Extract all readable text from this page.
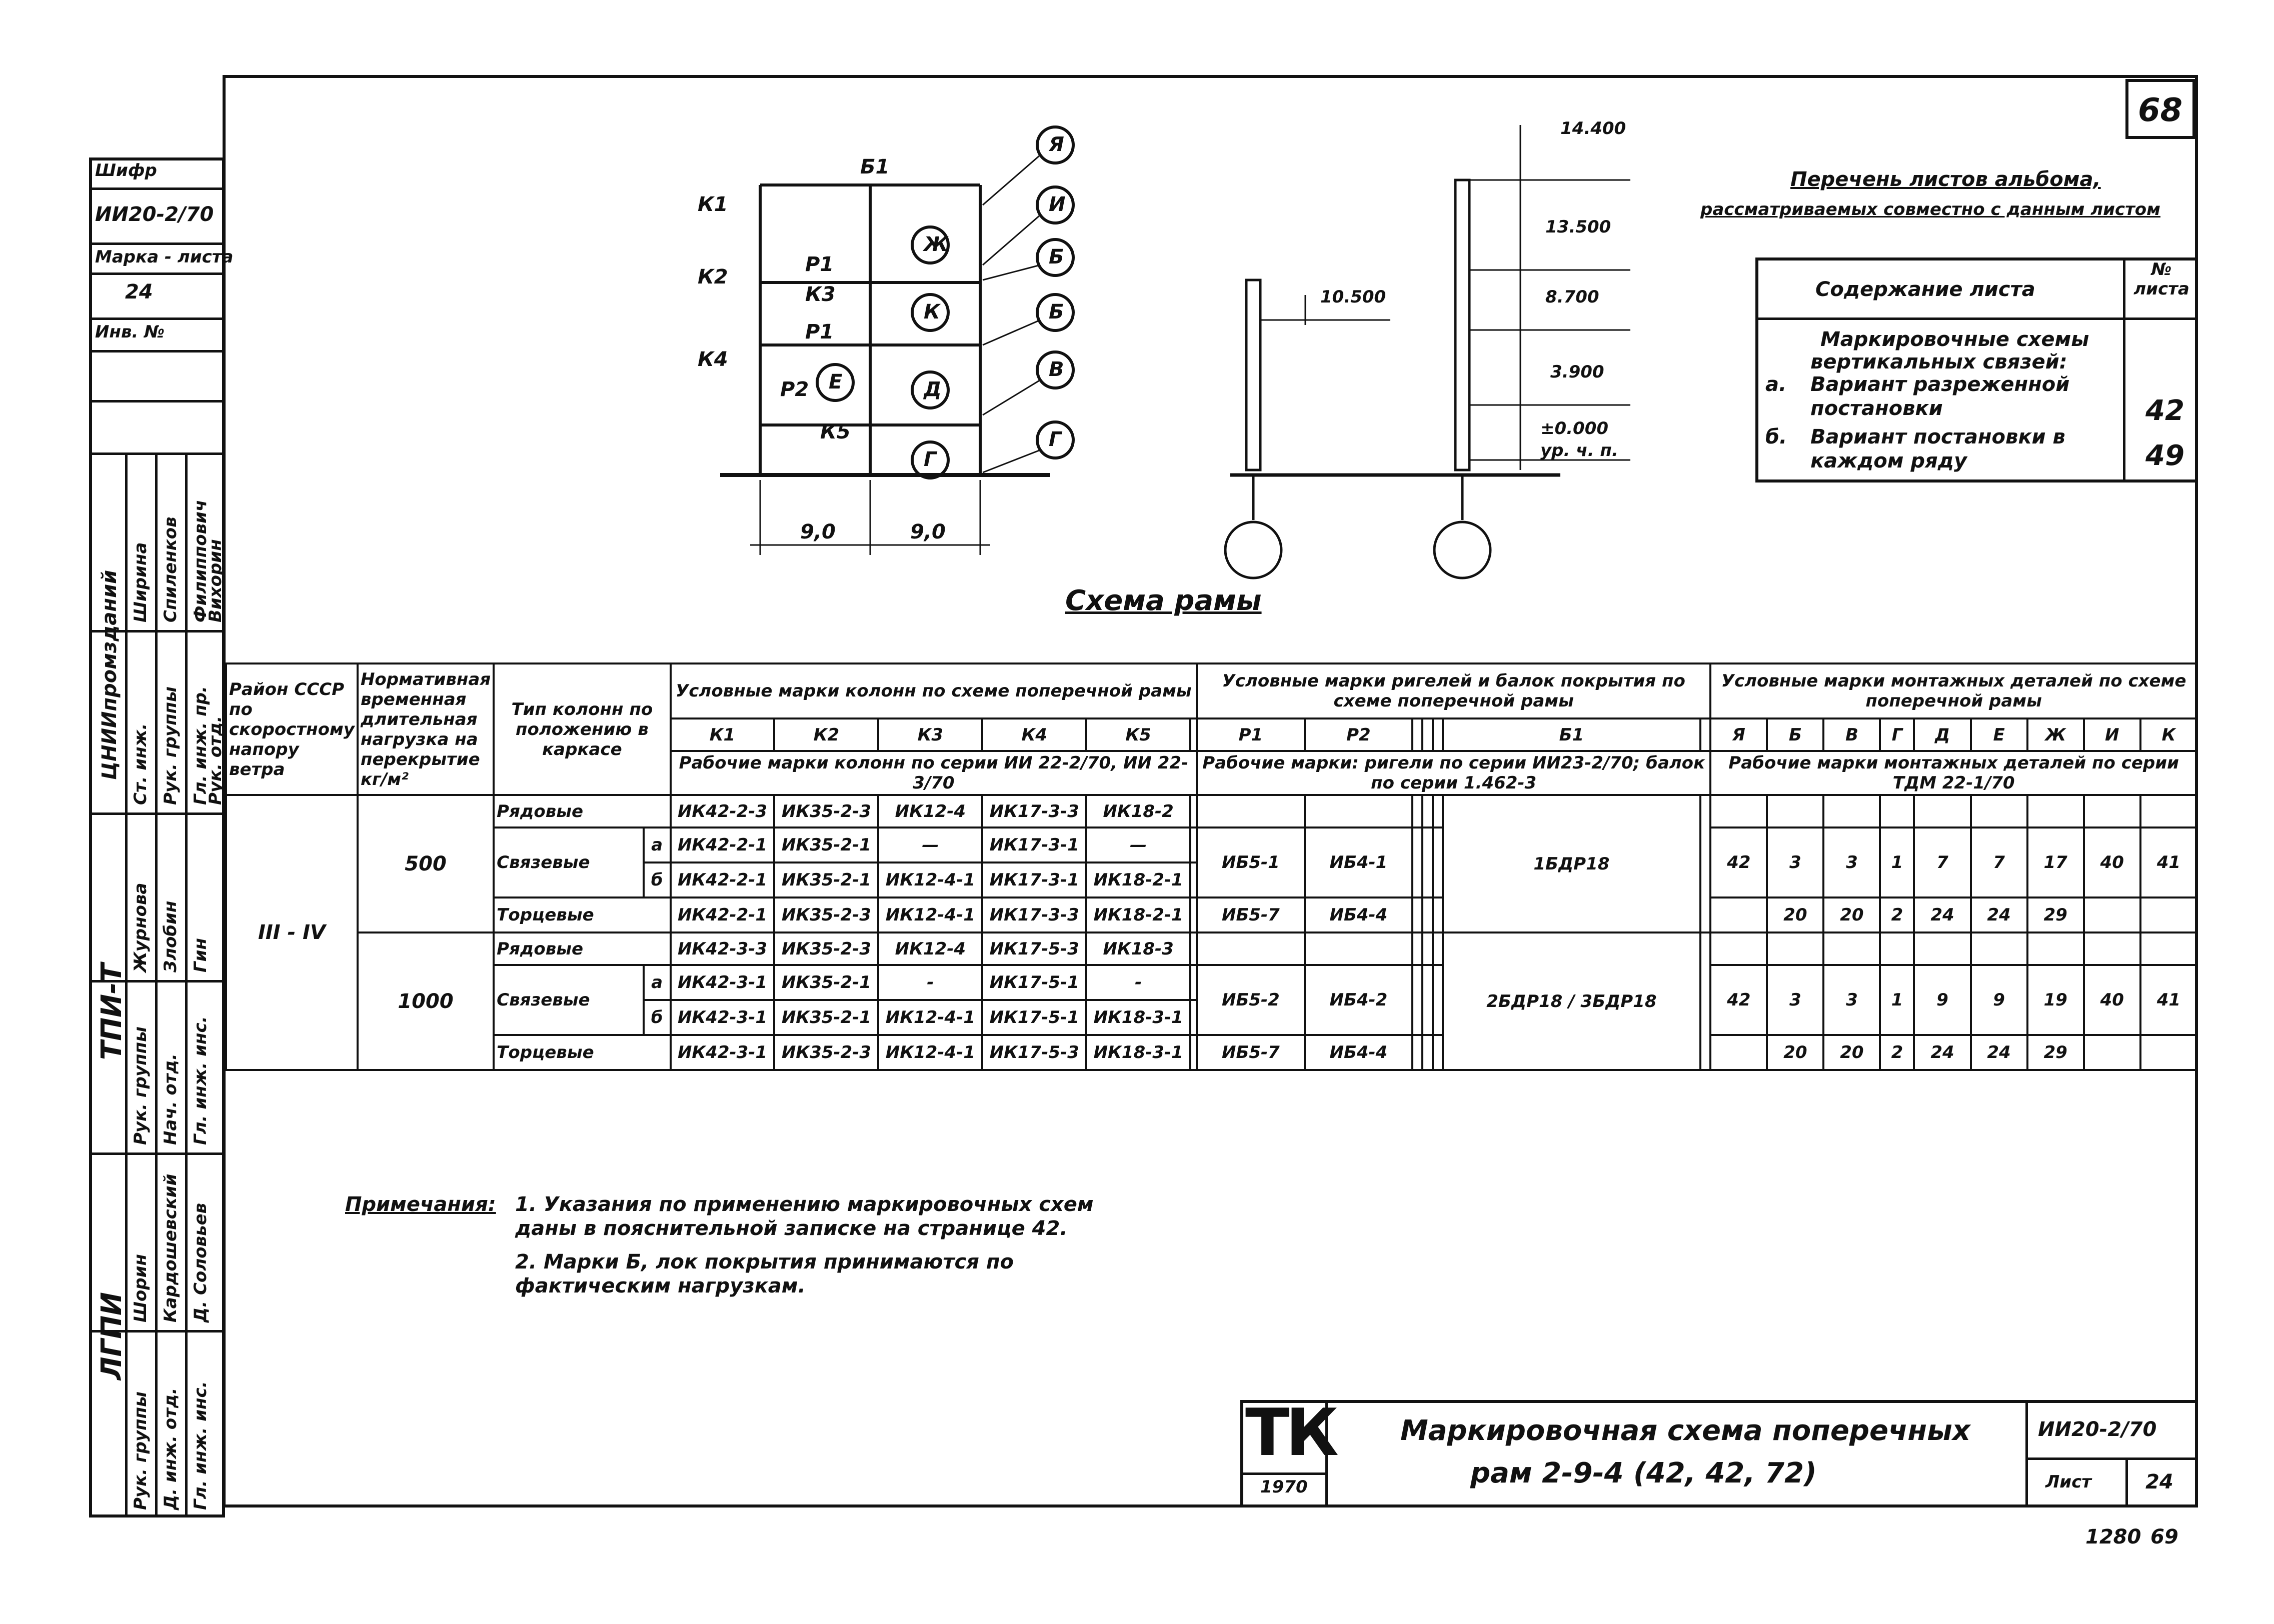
68
Шифр
ИИ20-2/70
Марка - листа
24
Инв. №
ЦНИИпромзданий Ст. инж. Рук. группы Гл. инж. пр.
Рук. отд.
Ширина Спиленков Филиппович
Вихорин
ТПИ-Т
Рук. группы Нач. отд. Гл. инж. инс.
Журнова Злобин Гин
ЛГПИ
Рук. группы Д. инж. отд. Гл. инж. инс.
Шорин Кардошевский Д. Соловьев
Б1
К1
К2
К4
Р1
К3
Р1
Р2
К5
Я
И
Ж
Б
К	Б
Е	Д
В
Г
Г
9,0	9,0
Схема рамы
14.400
13.500
10.500	8.700
3.900
±0.000
ур. ч. п.
Перечень листов альбома,
рассматриваемых совместно с данным листом
Содержание листа
№ листа
Маркировочные схемы
вертикальных связей:
а. Вариант разреженной постановки	42
б. Вариант постановки в каждом ряду	49
Район СССР по скоростному напору ветра	Нормативная временная длительная нагрузка на перекрытие кг/м²	Тип колонн по положению в каркасе		Условные марки колонн по схеме поперечной рамы						Условные марки ригелей и балок покрытия по схеме поперечной рамы							Условные марки монтажных деталей по схеме поперечной рамы								
				К1	К2	К3	К4	К5		Р1	Р2				Б1		Я	Б	В	Г	Д	Е	Ж	И	К
				Рабочие марки колонн по серии ИИ 22-2/70, ИИ 22-3/70						Рабочие марки: ригели по серии ИИ23-2/70; балок по серии 1.462-3							Рабочие марки монтажных деталей по серии ТДМ 22-1/70								
III - IV	500	Рядовые		ИК42-2-3	ИК35-2-3	ИК12-4	ИК17-3-3	ИК18-2							1БДР18										
		Связевые	а	ИК42-2-1	ИК35-2-1	—	ИК17-3-1	—		ИБ5-1	ИБ4-1						42	3	3	1	7	7	17	40	41
			б	ИК42-2-1	ИК35-2-1	ИК12-4-1	ИК17-3-1	ИК18-2-1																	
		Торцевые		ИК42-2-1	ИК35-2-3	ИК12-4-1	ИК17-3-3	ИК18-2-1		ИБ5-7	ИБ4-4							20	20	2	24	24	29		
	1000	Рядовые		ИК42-3-3	ИК35-2-3	ИК12-4	ИК17-5-3	ИК18-3							2БДР18 / 3БДР18										
		Связевые	а	ИК42-3-1	ИК35-2-1	-	ИК17-5-1	-		ИБ5-2	ИБ4-2						42	3	3	1	9	9	19	40	41
			б	ИК42-3-1	ИК35-2-1	ИК12-4-1	ИК17-5-1	ИК18-3-1																	
		Торцевые		ИК42-3-1	ИК35-2-3	ИК12-4-1	ИК17-5-3	ИК18-3-1		ИБ5-7	ИБ4-4							20	20	2	24	24	29		
Примечания: 1. Указания по применению маркировочных схем даны в пояснительной записке на странице 42.
2. Марки Б, лок покрытия принимаются по фактическим нагрузкам.
ТК
1970
Маркировочная схема поперечных
рам 2-9-4 (42, 42, 72)
ИИ20-2/70
Лист	24
1280 69
